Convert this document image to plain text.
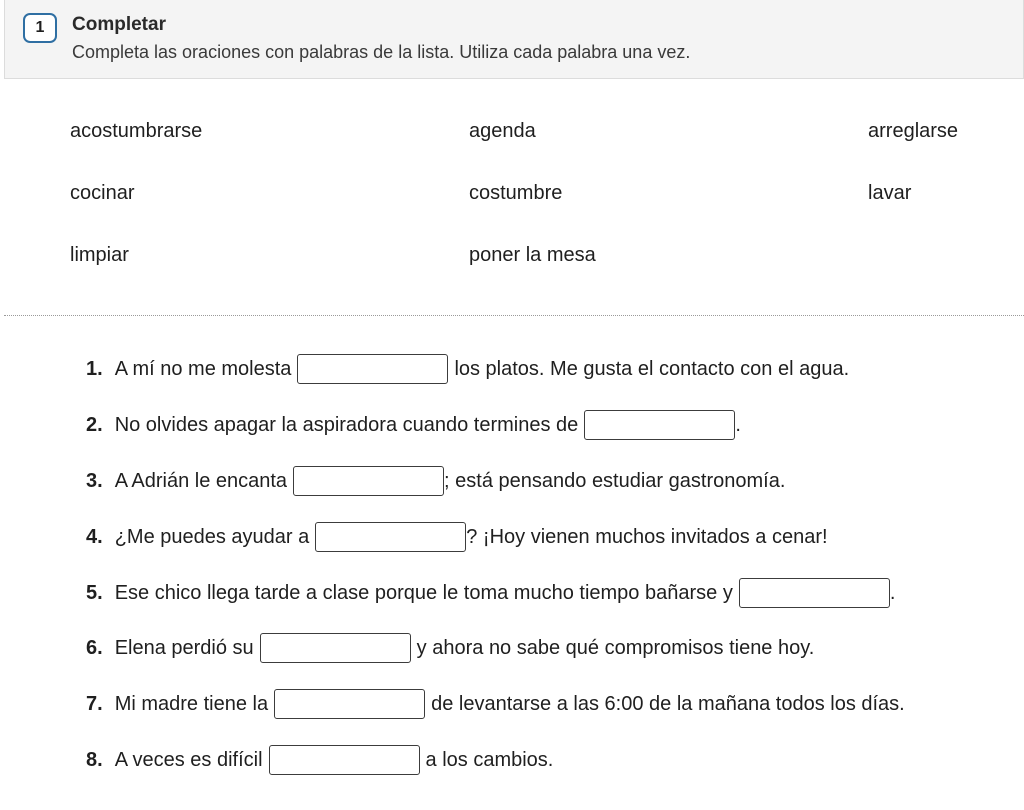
1	Completar
Completa las oraciones con palabras de la lista. Utiliza cada palabra una vez.
acostumbrarse	agenda	arreglarse
cocinar	costumbre	lavar
limpiar	poner la mesa
1. A mí no me molesta	los platos. Me gusta el contacto con el agua.
2. No olvides apagar la aspiradora cuando termines de	.
3. A Adrián le encanta	; está pensando estudiar gastronomía.
4. ¿Me puedes ayudar a	? ¡Hoy vienen muchos invitados a cenar!
5. Ese chico llega tarde a clase porque le toma mucho tiempo bañarse y	.
6. Elena perdió su	y ahora no sabe qué compromisos tiene hoy.
7. Mi madre tiene la	de levantarse a las 6:00 de la mañana todos los días.
8. A veces es difícil	a los cambios.
